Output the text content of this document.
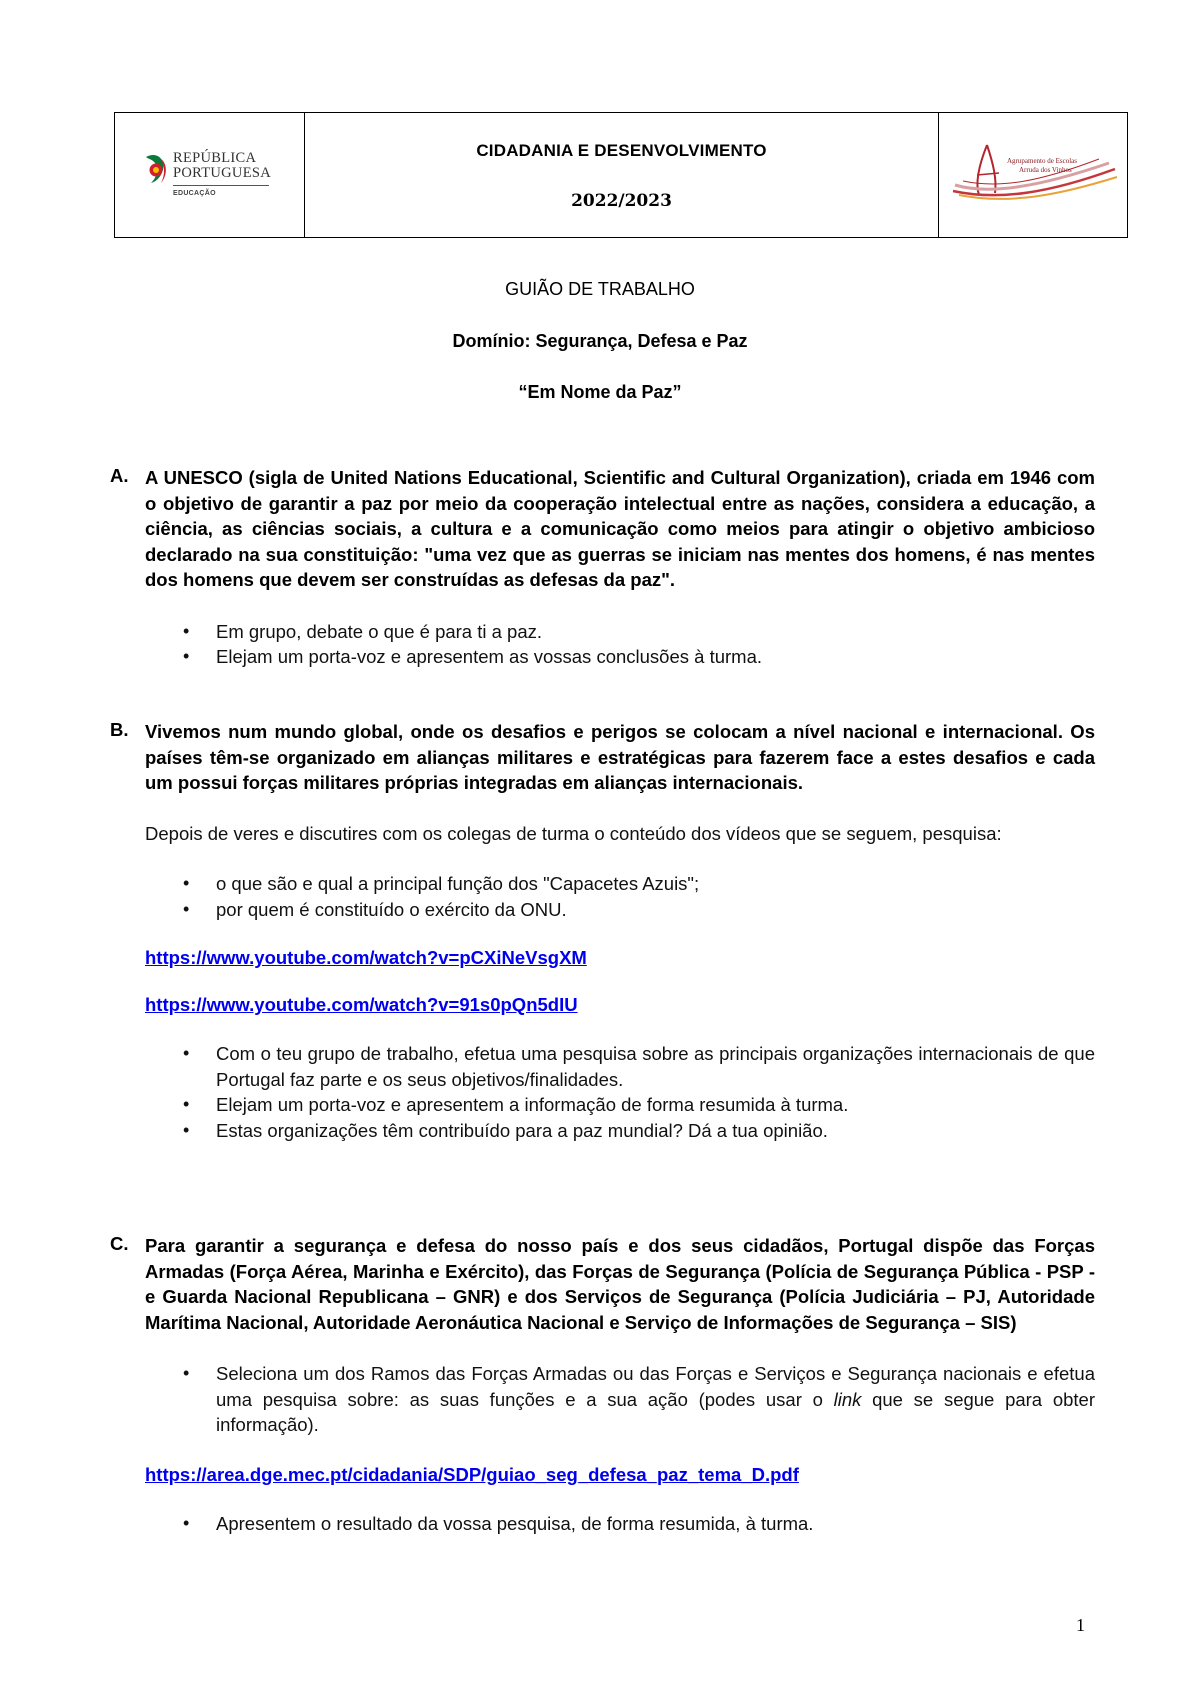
REPÚBLICA
PORTUGUESA
EDUCAÇÃO
CIDADANIA E DESENVOLVIMENTO
2022/2023
Agrupamento de Escolas
Arruda dos Vinhos
GUIÃO DE TRABALHO
Domínio: Segurança, Defesa e Paz
“Em Nome da Paz”
A. A UNESCO (sigla de United Nations Educational, Scientific and Cultural Organization), criada em 1946 com o objetivo de garantir a paz por meio da cooperação intelectual entre as nações, considera a educação, a ciência, as ciências sociais, a cultura e a comunicação como meios para atingir o objetivo ambicioso declarado na sua constituição: "uma vez que as guerras se iniciam nas mentes dos homens, é nas mentes dos homens que devem ser construídas as defesas da paz".

• Em grupo, debate o que é para ti a paz.
• Elejam um porta-voz e apresentem as vossas conclusões à turma.
B. Vivemos num mundo global, onde os desafios e perigos se colocam a nível nacional e internacional. Os países têm-se organizado em alianças militares e estratégicas para fazerem face a estes desafios e cada um possui forças militares próprias integradas em alianças internacionais.

Depois de veres e discutires com os colegas de turma o conteúdo dos vídeos que se seguem, pesquisa:

• o que são e qual a principal função dos "Capacetes Azuis";
• por quem é constituído o exército da ONU.
https://www.youtube.com/watch?v=pCXiNeVsgXM
https://www.youtube.com/watch?v=91s0pQn5dIU
• Com o teu grupo de trabalho, efetua uma pesquisa sobre as principais organizações internacionais de que Portugal faz parte e os seus objetivos/finalidades.
• Elejam um porta-voz e apresentem a informação de forma resumida à turma.
• Estas organizações têm contribuído para a paz mundial? Dá a tua opinião.
C. Para garantir a segurança e defesa do nosso país e dos seus cidadãos, Portugal dispõe das Forças Armadas (Força Aérea, Marinha e Exército), das Forças de Segurança (Polícia de Segurança Pública - PSP - e Guarda Nacional Republicana – GNR) e dos Serviços de Segurança (Polícia Judiciária – PJ, Autoridade Marítima Nacional, Autoridade Aeronáutica Nacional e Serviço de Informações de Segurança – SIS)

• Seleciona um dos Ramos das Forças Armadas ou das Forças e Serviços e Segurança nacionais e efetua uma pesquisa sobre: as suas funções e a sua ação (podes usar o link que se segue para obter informação).
https://area.dge.mec.pt/cidadania/SDP/guiao_seg_defesa_paz_tema_D.pdf
• Apresentem o resultado da vossa pesquisa, de forma resumida, à turma.
1
